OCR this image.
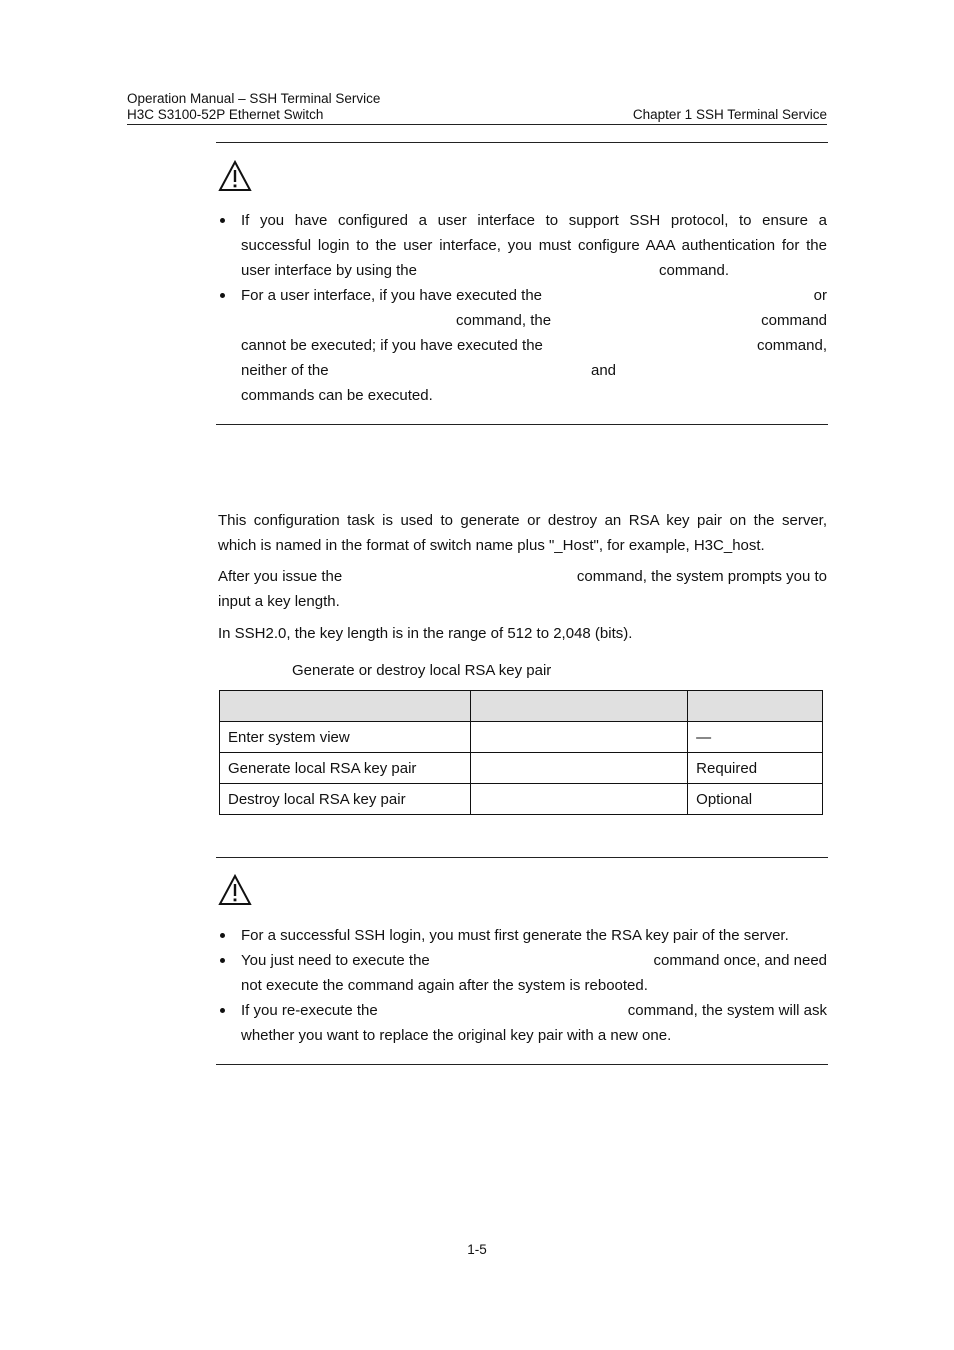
Operation Manual – SSH Terminal Service
H3C S3100-52P Ethernet Switch	Chapter 1 SSH Terminal Service
If you have configured a user interface to support SSH protocol, to ensure a
successful login to the user interface, you must configure AAA authentication for the
user interface by using the	command.
For a user interface, if you have executed the	or
command, the	command
cannot be executed; if you have executed the	command,
neither of the	and
commands can be executed.
This configuration task is used to generate or destroy an RSA key pair on the server,
which is named in the format of switch name plus "_Host", for example, H3C_host.
After you issue the	command, the system prompts you to
input a key length.
In SSH2.0, the key length is in the range of 512 to 2,048 (bits).
Generate or destroy local RSA key pair

Enter system view		—
Generate local RSA key pair		Required
Destroy local RSA key pair		Optional
For a successful SSH login, you must first generate the RSA key pair of the server.
You just need to execute the	command once, and need
not execute the command again after the system is rebooted.
If you re-execute the	command, the system will ask
whether you want to replace the original key pair with a new one.
1-5
